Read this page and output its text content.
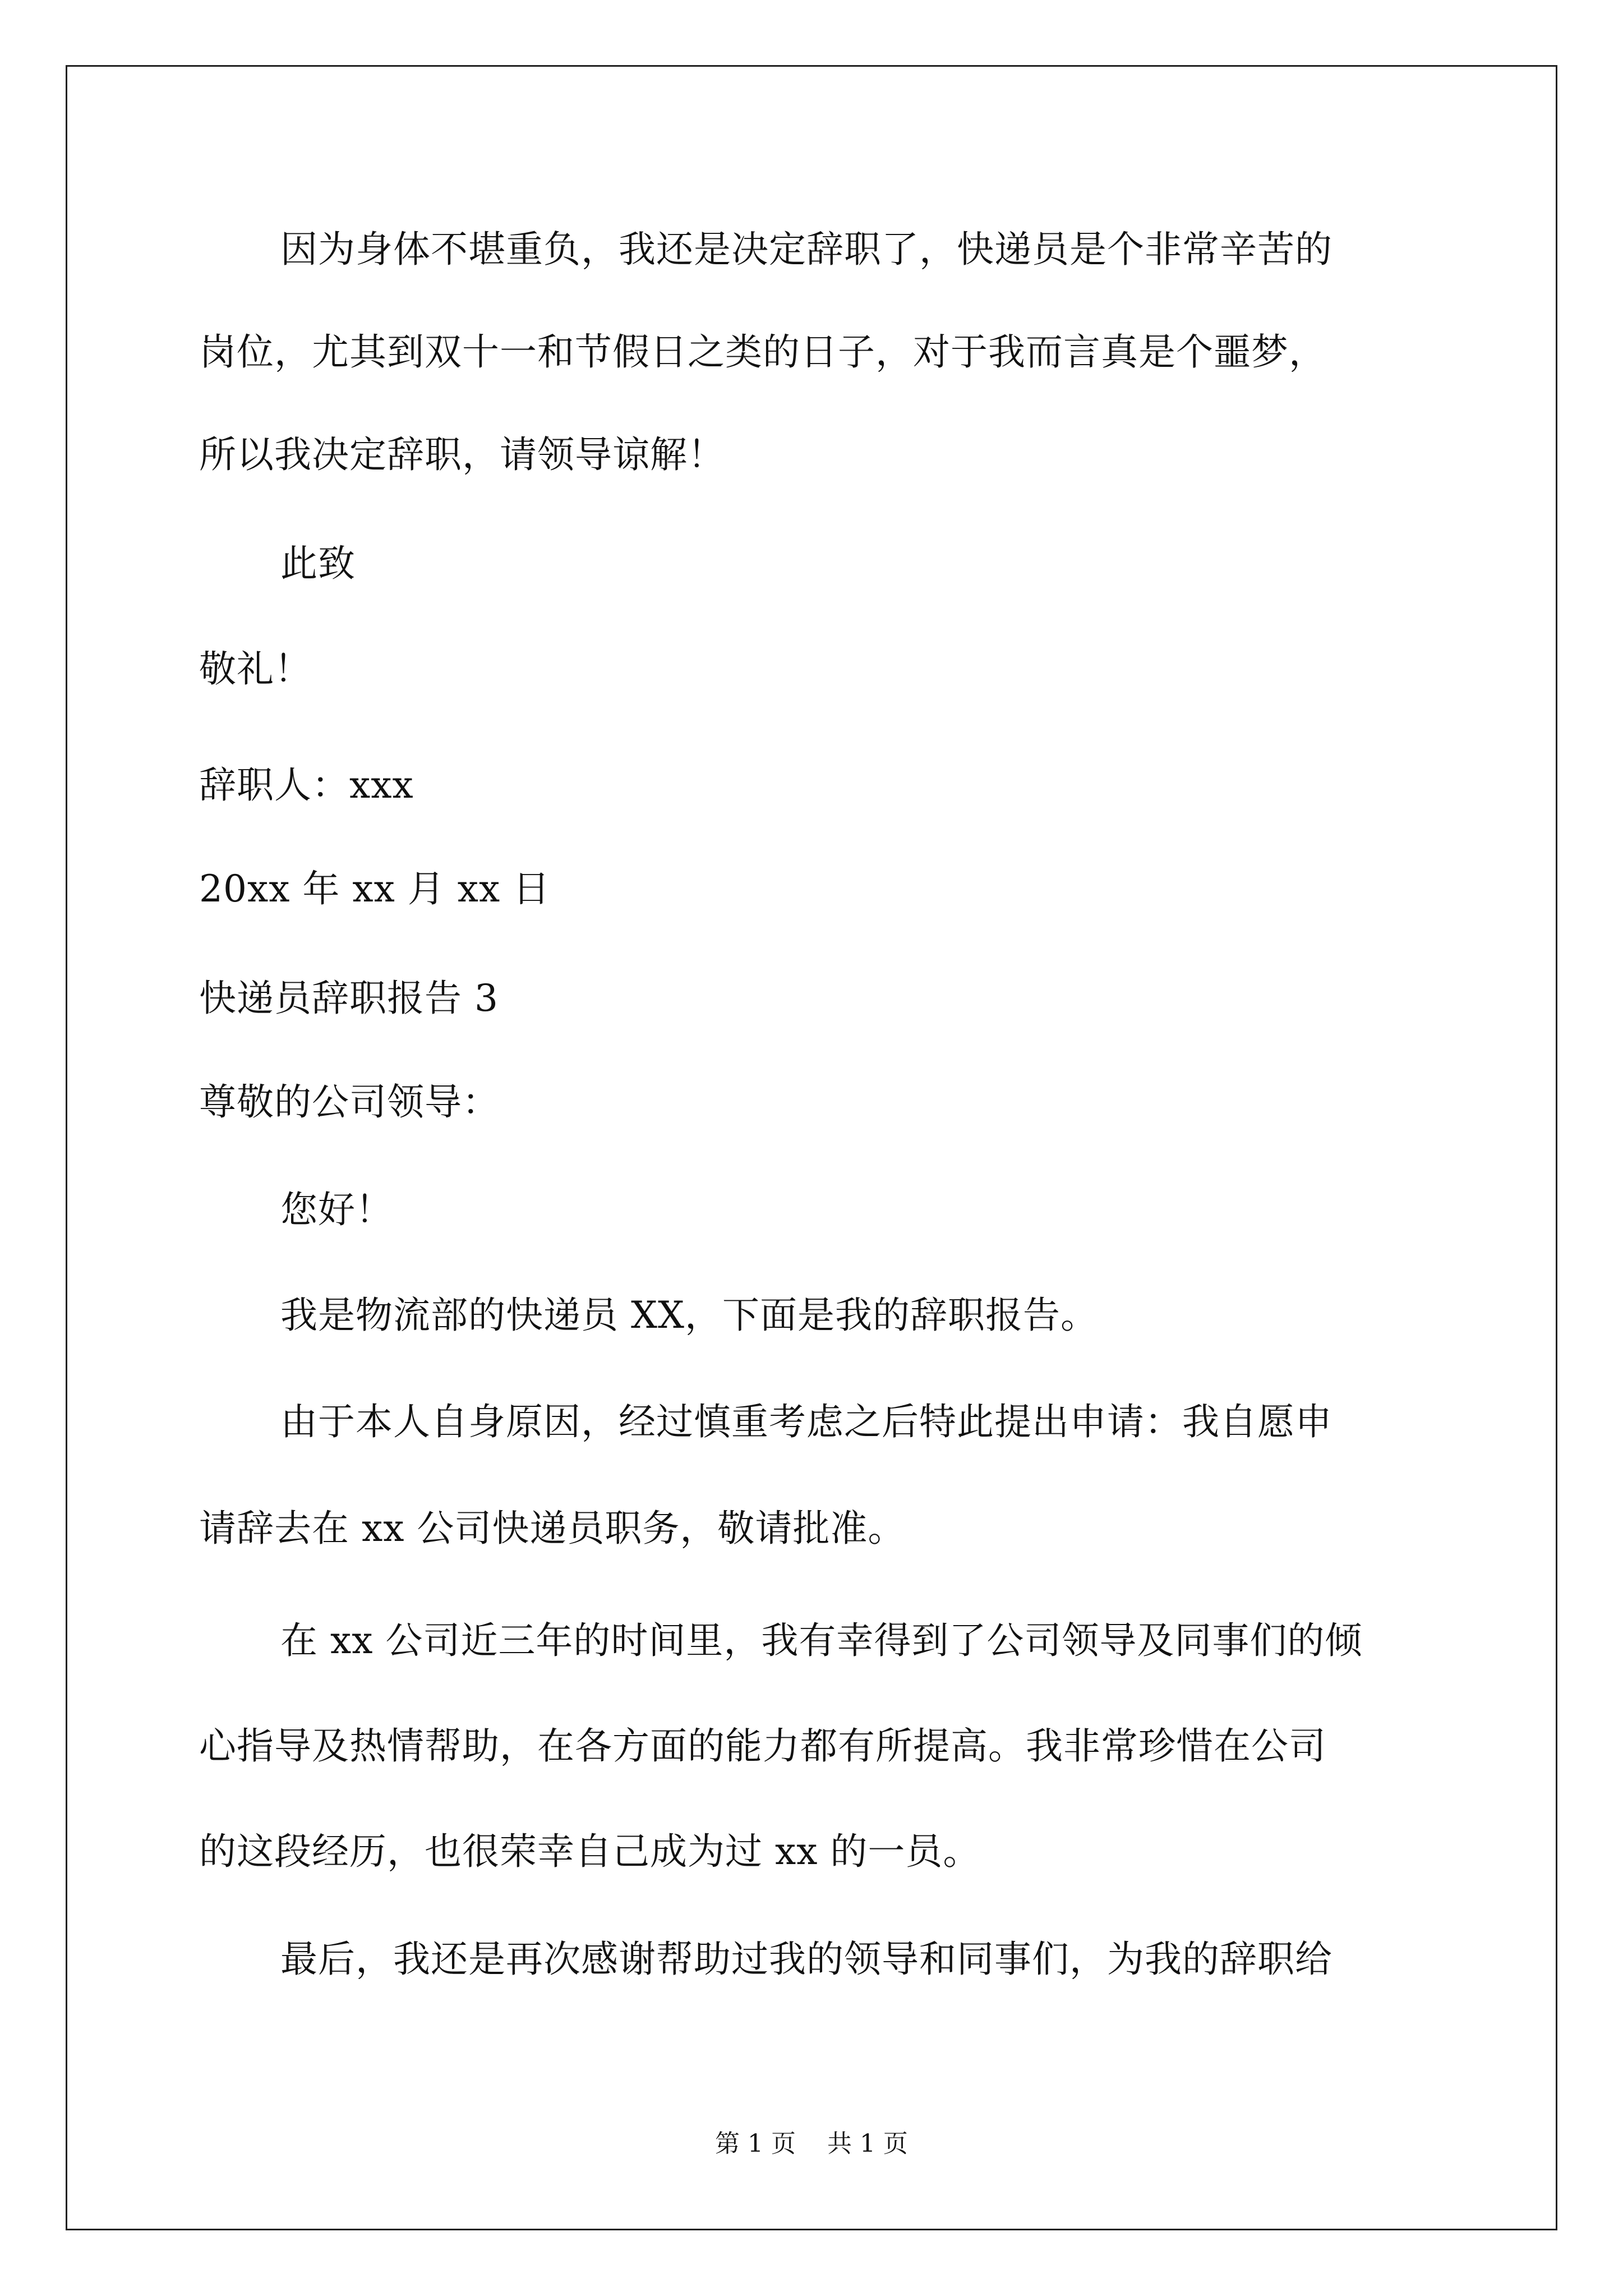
因为身体不堪重负，我还是决定辞职了，快递员是个非常辛苦的
岗位，尤其到双十一和节假日之类的日子，对于我而言真是个噩梦，
所以我决定辞职，请领导谅解！
此致
敬礼！
辞职人：xxx
20xx 年 xx 月 xx 日
快递员辞职报告 3
尊敬的公司领导：
您好！
我是物流部的快递员 XX，下面是我的辞职报告。
由于本人自身原因，经过慎重考虑之后特此提出申请：我自愿申
请辞去在 xx 公司快递员职务，敬请批准。
在 xx 公司近三年的时间里，我有幸得到了公司领导及同事们的倾
心指导及热情帮助，在各方面的能力都有所提高。我非常珍惜在公司
的这段经历，也很荣幸自己成为过 xx 的一员。
最后，我还是再次感谢帮助过我的领导和同事们，为我的辞职给
第 1 页    共 1 页
